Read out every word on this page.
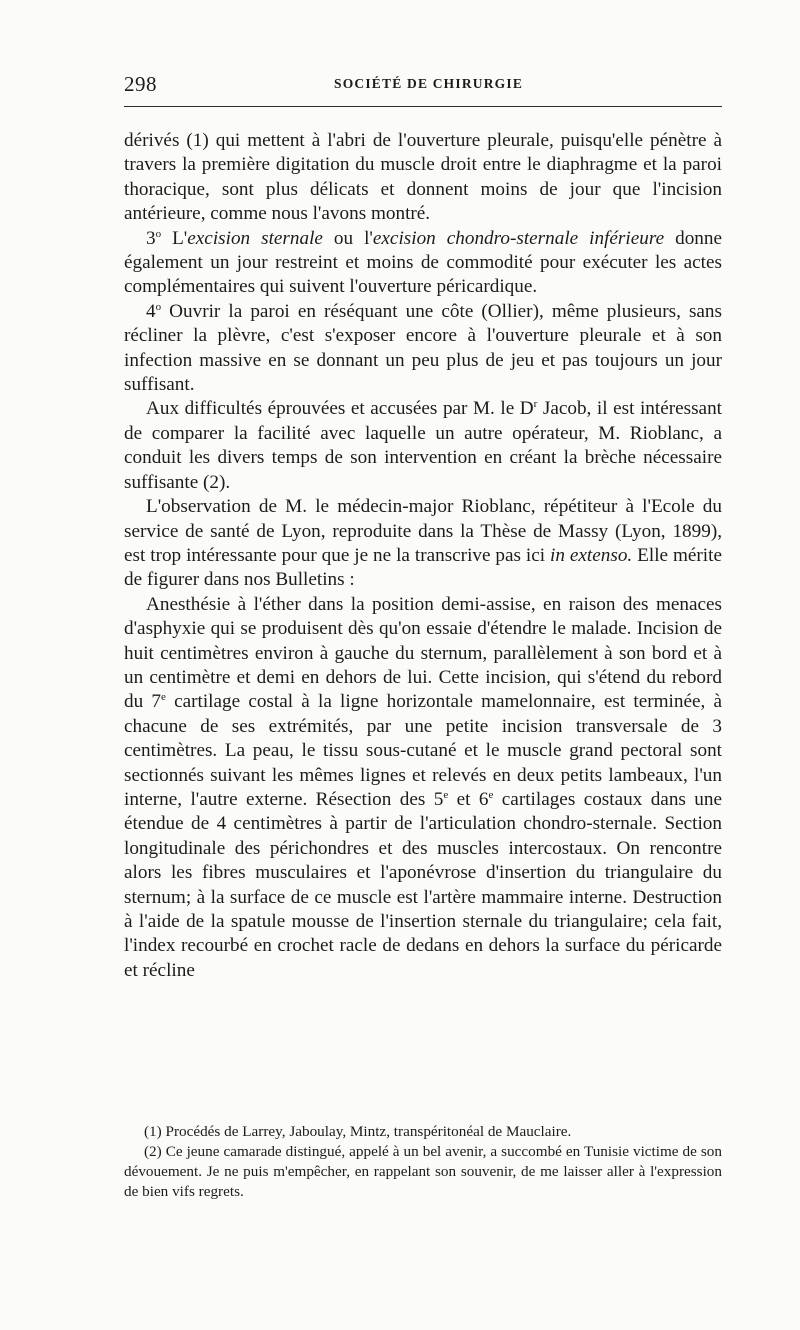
298	SOCIÉTÉ DE CHIRURGIE

dérivés (1) qui mettent à l'abri de l'ouverture pleurale, puisqu'elle pénètre à travers la première digitation du muscle droit entre le diaphragme et la paroi thoracique, sont plus délicats et donnent moins de jour que l'incision antérieure, comme nous l'avons montré.

3$^o$ L'excision sternale ou l'excision chondro-sternale inférieure donne également un jour restreint et moins de commodité pour exécuter les actes complémentaires qui suivent l'ouverture péricardique.

4$^o$ Ouvrir la paroi en réséquant une côte (Ollier), même plusieurs, sans récliner la plèvre, c'est s'exposer encore à l'ouverture pleurale et à son infection massive en se donnant un peu plus de jeu et pas toujours un jour suffisant.

Aux difficultés éprouvées et accusées par M. le $D^r$ Jacob, il est intéressant de comparer la facilité avec laquelle un autre opérateur, M. Rioblanc, a conduit les divers temps de son intervention en créant la brèche nécessaire suffisante (2).

L'observation de M. le médecin-major Rioblanc, répétiteur à l'Ecole du service de santé de Lyon, reproduite dans la Thèse de Massy (Lyon, 1899), est trop intéressante pour que je ne la transcrive pas ici in extenso. Elle mérite de figurer dans nos Bulletins :

Anesthésie à l'éther dans la position demi-assise, en raison des menaces d'asphyxie qui se produisent dès qu'on essaie d'étendre le malade. Incision de huit centimètres environ à gauche du sternum, parallèlement à son bord et à un centimètre et demi en dehors de lui. Cette incision, qui s'étend du rebord du 7e cartilage costal à la ligne horizontale mamelonnaire, est terminée, à chacune de ses extrémités, par une petite incision transversale de 3 centimètres. La peau, le tissu sous-cutané et le muscle grand pectoral sont sectionnés suivant les mêmes lignes et relevés en deux petits lambeaux, l'un interne, l'autre externe. Résection des 5e et 6e cartilages costaux dans une étendue de 4 centimètres à partir de l'articulation chondro-sternale. Section longitudinale des périchondres et des muscles intercostaux. On rencontre alors les fibres musculaires et l'aponévrose d'insertion du triangulaire du sternum; à la surface de ce muscle est l'artère mammaire interne. Destruction à l'aide de la spatule mousse de l'insertion sternale du triangulaire; cela fait, l'index recourbé en crochet racle de dedans en dehors la surface du péricarde et récline

(1) Procédés de Larrey, Jaboulay, Mintz, transpéritonéal de Mauclaire.

(2) Ce jeune camarade distingué, appelé à un bel avenir, a succombé en Tunisie victime de son dévouement. Je ne puis m'empêcher, en rappelant son souvenir, de me laisser aller à l'expression de bien vifs regrets.
